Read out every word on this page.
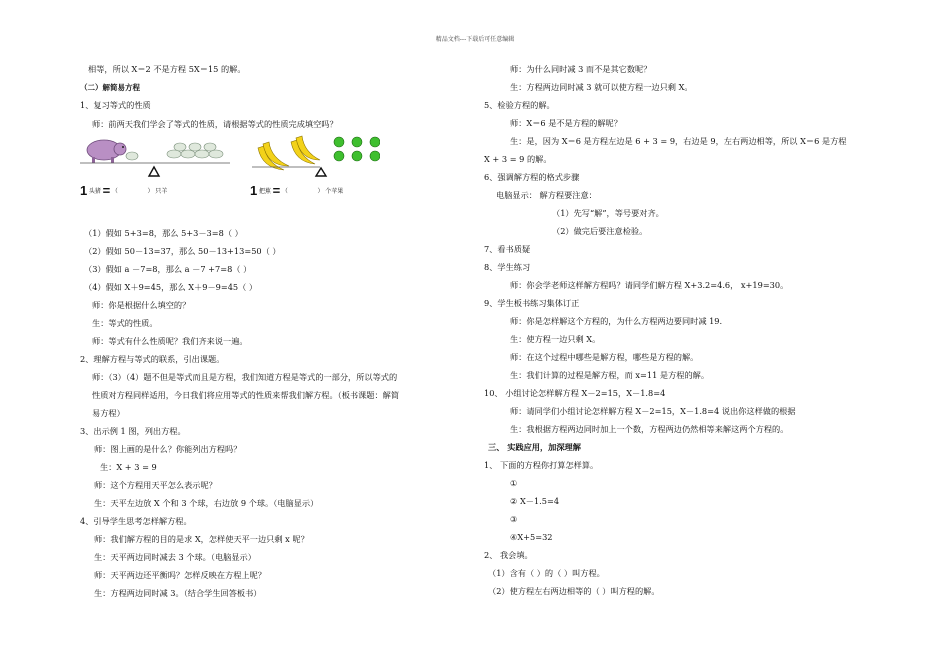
精品文档---下载后可任意编辑
相等，所以 X＝2 不是方程 5X＝15 的解。
（二）解简易方程
1、复习等式的性质
师：前两天我们学会了等式的性质，请根据等式的性质完成填空吗？
1 头猪 = （	） 只羊	1 把蕉 = （	） 个苹果
（1）假如 5+3=8，那么 5+3－3=8（ ）
（2）假如 50－13=37，那么 50－13+13=50（ ）
（3）假如 a －7=8，那么 a －7 +7=8（ ）
（4）假如 X＋9=45，那么 X＋9－9=45（ ）
师：你是根据什么填空的？
生：等式的性质。
师：等式有什么性质呢？我们齐来说一遍。
2、理解方程与等式的联系，引出课题。
师：（3）（4）题不但是等式而且是方程，我们知道方程是等式的一部分，所以等式的
性质对方程同样适用，今日我们将应用等式的性质来帮我们解方程。（板书课题：解简
易方程）
3、出示例 1 图，列出方程。
师：图上画的是什么？你能列出方程吗？
生：X + 3 = 9
师：这个方程用天平怎么表示呢？
生：天平左边放 X 个和 3 个球，右边放 9 个球。（电脑显示）
4、引导学生思考怎样解方程。
师：我们解方程的目的是求 X，怎样使天平一边只剩 x 呢？
生：天平两边同时减去 3 个球。（电脑显示）
师：天平两边还平衡吗？怎样反映在方程上呢？
生：方程两边同时减 3。（结合学生回答板书）
师：为什么同时减 3 而不是其它数呢？
生：方程两边同时减 3 就可以使方程一边只剩 X。
5、检验方程的解。
师：X＝6 是不是方程的解呢？
生：是，因为 X＝6 是方程左边是 6 + 3 = 9，右边是 9，左右两边相等，所以 X＝6 是方程
X + 3 = 9 的解。
6、强调解方程的格式步骤
电脑显示： 解方程要注意：
（1）先写“解”，等号要对齐。
（2）做完后要注意检验。
7、看书质疑
8、学生练习
师：你会学老师这样解方程吗？请同学们解方程 X+3.2=4.6， x+19=30。
9、学生板书练习集体订正
师：你是怎样解这个方程的，为什么方程两边要同时减 19.
生：使方程一边只剩 X。
师：在这个过程中哪些是解方程，哪些是方程的解。
生：我们计算的过程是解方程，而 x=11 是方程的解。
10、 小组讨论怎样解方程 X－2=15，X－1.8=4
师：请同学们小组讨论怎样解方程 X－2=15，X－1.8=4 说出你这样做的根据
生：我根据方程两边同时加上一个数，方程两边仍然相等来解这两个方程的。
三、 实践应用，加深理解
1、 下面的方程你打算怎样算。
①
② X－1.5=4
③
④X+5=32
2、 我会填。
（1）含有（ ）的（ ）叫方程。
（2）使方程左右两边相等的（ ）叫方程的解。
